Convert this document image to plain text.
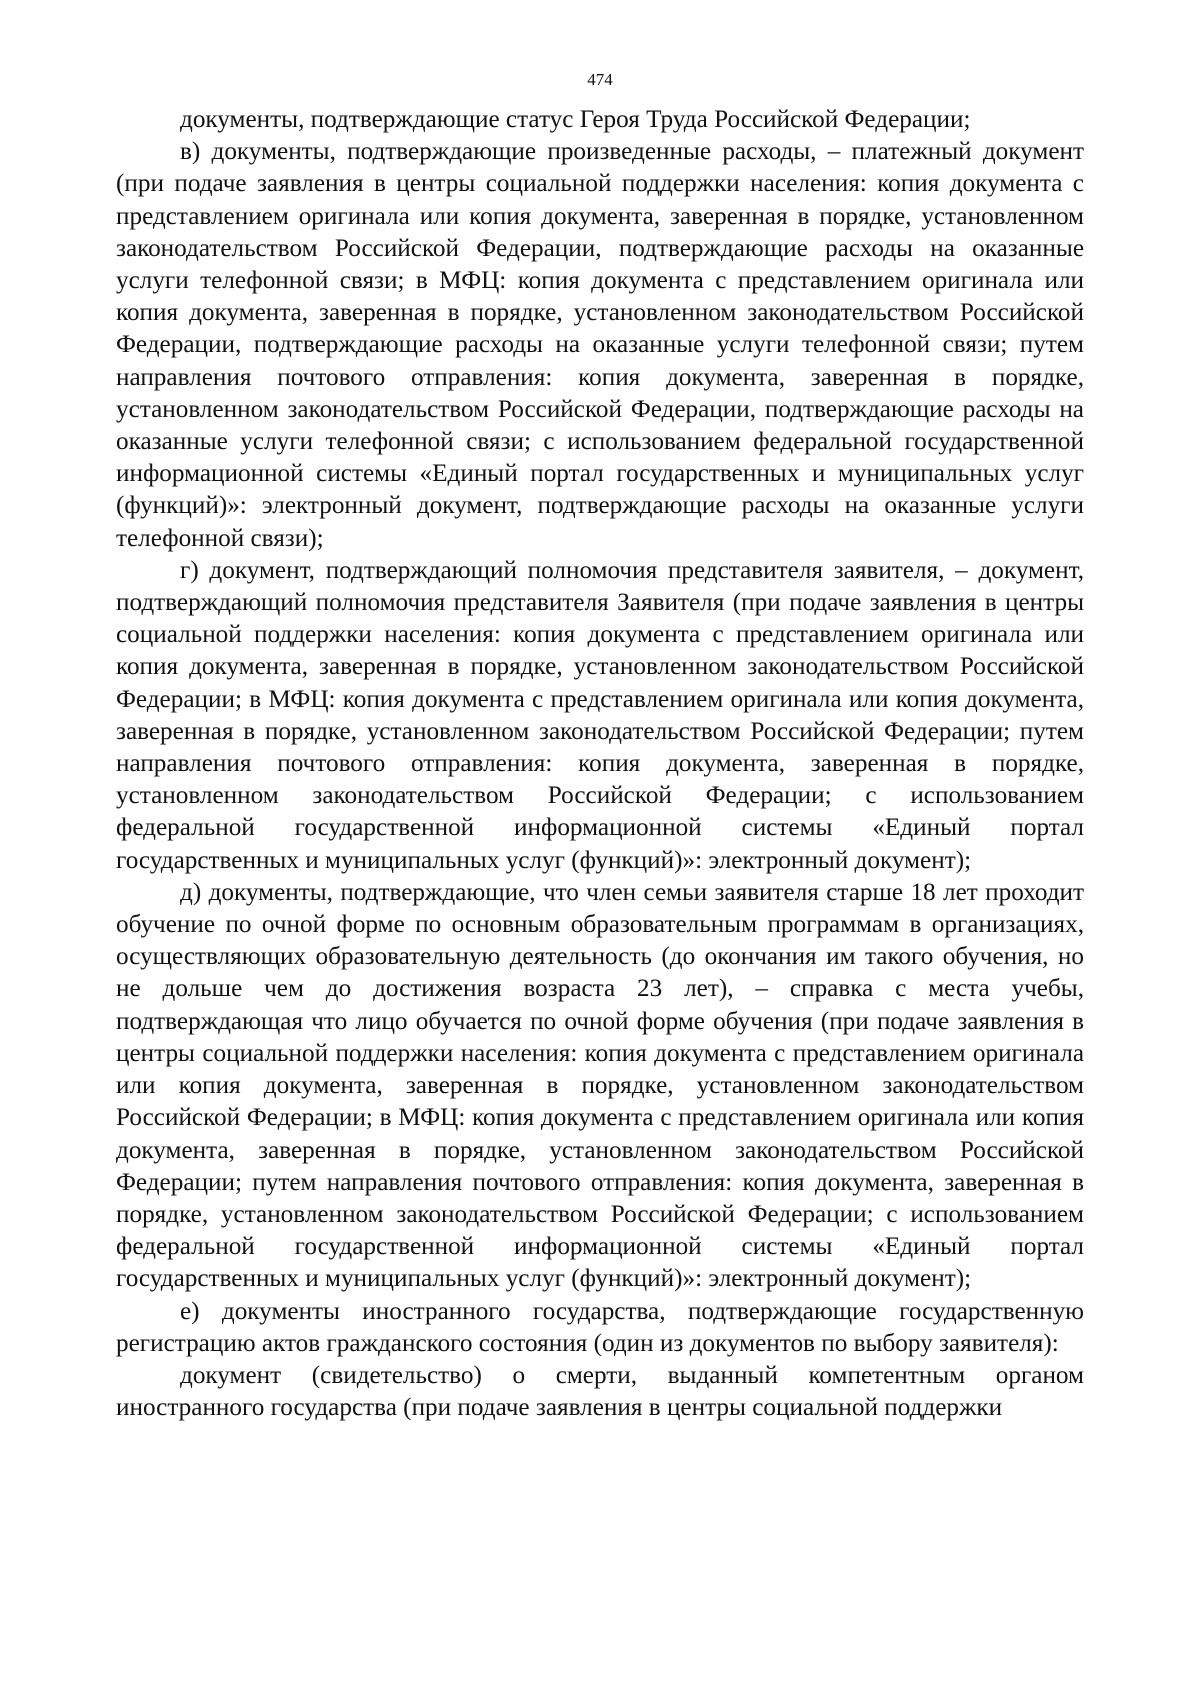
474

документы, подтверждающие статус Героя Труда Российской Федерации;

в) документы, подтверждающие произведенные расходы, – платежный документ (при подаче заявления в центры социальной поддержки населения: копия документа с представлением оригинала или копия документа, заверенная в порядке, установленном законодательством Российской Федерации, подтверждающие расходы на оказанные услуги телефонной связи; в МФЦ: копия документа с представлением оригинала или копия документа, заверенная в порядке, установленном законодательством Российской Федерации, подтверждающие расходы на оказанные услуги телефонной связи; путем направления почтового отправления: копия документа, заверенная в порядке, установленном законодательством Российской Федерации, подтверждающие расходы на оказанные услуги телефонной связи; с использованием федеральной государственной информационной системы «Единый портал государственных и муниципальных услуг (функций)»: электронный документ, подтверждающие расходы на оказанные услуги телефонной связи);

г) документ, подтверждающий полномочия представителя заявителя, – документ, подтверждающий полномочия представителя Заявителя (при подаче заявления в центры социальной поддержки населения: копия документа с представлением оригинала или копия документа, заверенная в порядке, установленном законодательством Российской Федерации; в МФЦ: копия документа с представлением оригинала или копия документа, заверенная в порядке, установленном законодательством Российской Федерации; путем направления почтового отправления: копия документа, заверенная в порядке, установленном законодательством Российской Федерации; с использованием федеральной государственной информационной системы «Единый портал государственных и муниципальных услуг (функций)»: электронный документ);

д) документы, подтверждающие, что член семьи заявителя старше 18 лет проходит обучение по очной форме по основным образовательным программам в организациях, осуществляющих образовательную деятельность (до окончания им такого обучения, но не дольше чем до достижения возраста 23 лет), – справка с места учебы, подтверждающая что лицо обучается по очной форме обучения (при подаче заявления в центры социальной поддержки населения: копия документа с представлением оригинала или копия документа, заверенная в порядке, установленном законодательством Российской Федерации; в МФЦ: копия документа с представлением оригинала или копия документа, заверенная в порядке, установленном законодательством Российской Федерации; путем направления почтового отправления: копия документа, заверенная в порядке, установленном законодательством Российской Федерации; с использованием федеральной государственной информационной системы «Единый портал государственных и муниципальных услуг (функций)»: электронный документ);

е) документы иностранного государства, подтверждающие государственную регистрацию актов гражданского состояния (один из документов по выбору заявителя):

документ (свидетельство) о смерти, выданный компетентным органом иностранного государства (при подаче заявления в центры социальной поддержки
